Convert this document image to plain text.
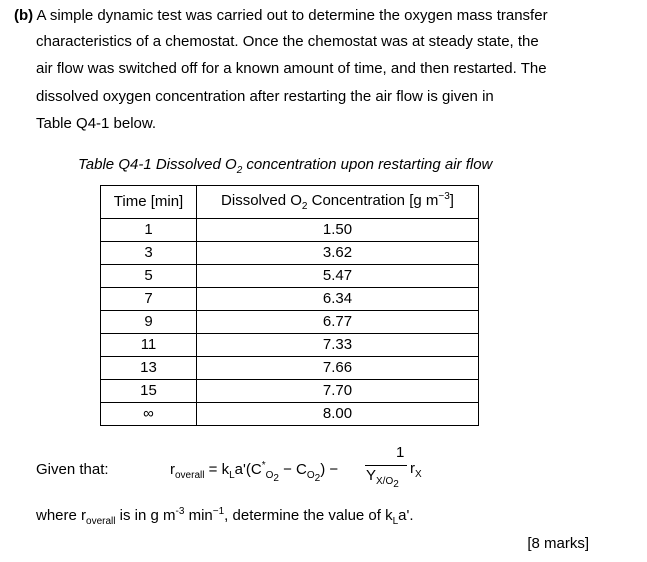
(b) A simple dynamic test was carried out to determine the oxygen mass transfer
characteristics of a chemostat. Once the chemostat was at steady state, the
air flow was switched off for a known amount of time, and then restarted. The
dissolved oxygen concentration after restarting the air flow is given in
Table Q4-1 below.
Table Q4-1 Dissolved $O_2$ concentration upon restarting air flow
Time [min]	Dissolved $O_2$ Concentration [g $m^{-3}$]
1	1.50
3	3.62
5	5.47
7	6.34
9	6.77
11	7.33
13	7.66
15	7.70
∞	8.00
Given that:	$r_{overall} = k_La'(C^*_{O_2} - C_{O_2})$ −
1
$Y_{X/O_2}$
$r_X$
where $r_{overall}$ is in g $m^{-3}$ $\min^{-1}$, determine the value of $k_La'$.
[8 marks]
